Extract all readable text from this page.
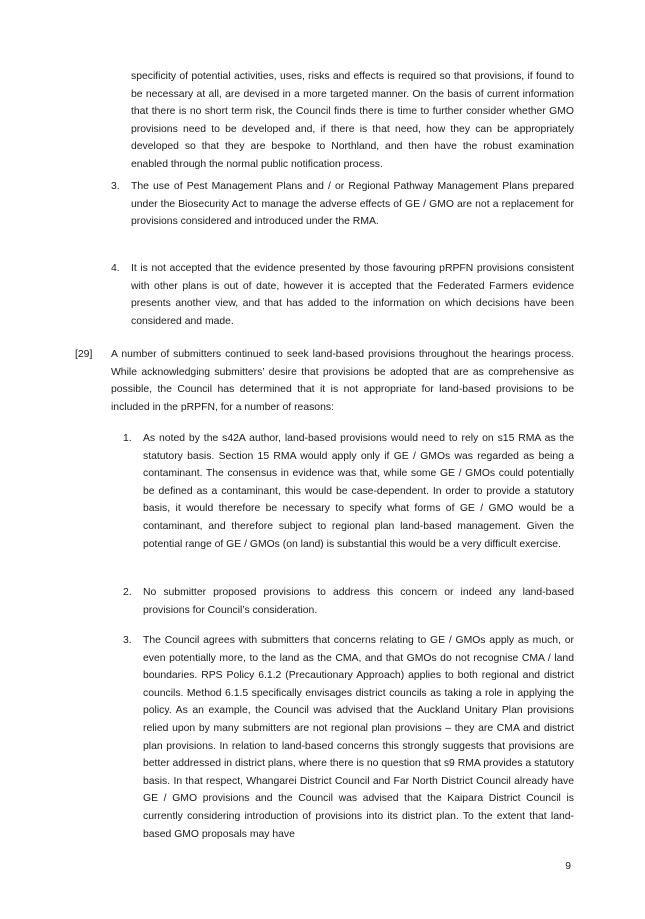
specificity of potential activities, uses, risks and effects is required so that provisions, if found to be necessary at all, are devised in a more targeted manner. On the basis of current information that there is no short term risk, the Council finds there is time to further consider whether GMO provisions need to be developed and, if there is that need, how they can be appropriately developed so that they are bespoke to Northland, and then have the robust examination enabled through the normal public notification process.

3. The use of Pest Management Plans and / or Regional Pathway Management Plans prepared under the Biosecurity Act to manage the adverse effects of GE / GMO are not a replacement for provisions considered and introduced under the RMA.

4. It is not accepted that the evidence presented by those favouring pRPFN provisions consistent with other plans is out of date, however it is accepted that the Federated Farmers evidence presents another view, and that has added to the information on which decisions have been considered and made.

[29] A number of submitters continued to seek land-based provisions throughout the hearings process. While acknowledging submitters’ desire that provisions be adopted that are as comprehensive as possible, the Council has determined that it is not appropriate for land-based provisions to be included in the pRPFN, for a number of reasons:

1. As noted by the s42A author, land-based provisions would need to rely on s15 RMA as the statutory basis. Section 15 RMA would apply only if GE / GMOs was regarded as being a contaminant. The consensus in evidence was that, while some GE / GMOs could potentially be defined as a contaminant, this would be case-dependent. In order to provide a statutory basis, it would therefore be necessary to specify what forms of GE / GMO would be a contaminant, and therefore subject to regional plan land-based management. Given the potential range of GE / GMOs (on land) is substantial this would be a very difficult exercise.

2. No submitter proposed provisions to address this concern or indeed any land-based provisions for Council’s consideration.

3. The Council agrees with submitters that concerns relating to GE / GMOs apply as much, or even potentially more, to the land as the CMA, and that GMOs do not recognise CMA / land boundaries. RPS Policy 6.1.2 (Precautionary Approach) applies to both regional and district councils. Method 6.1.5 specifically envisages district councils as taking a role in applying the policy. As an example, the Council was advised that the Auckland Unitary Plan provisions relied upon by many submitters are not regional plan provisions – they are CMA and district plan provisions. In relation to land-based concerns this strongly suggests that provisions are better addressed in district plans, where there is no question that s9 RMA provides a statutory basis. In that respect, Whangarei District Council and Far North District Council already have GE / GMO provisions and the Council was advised that the Kaipara District Council is currently considering introduction of provisions into its district plan. To the extent that land-based GMO proposals may have

9
